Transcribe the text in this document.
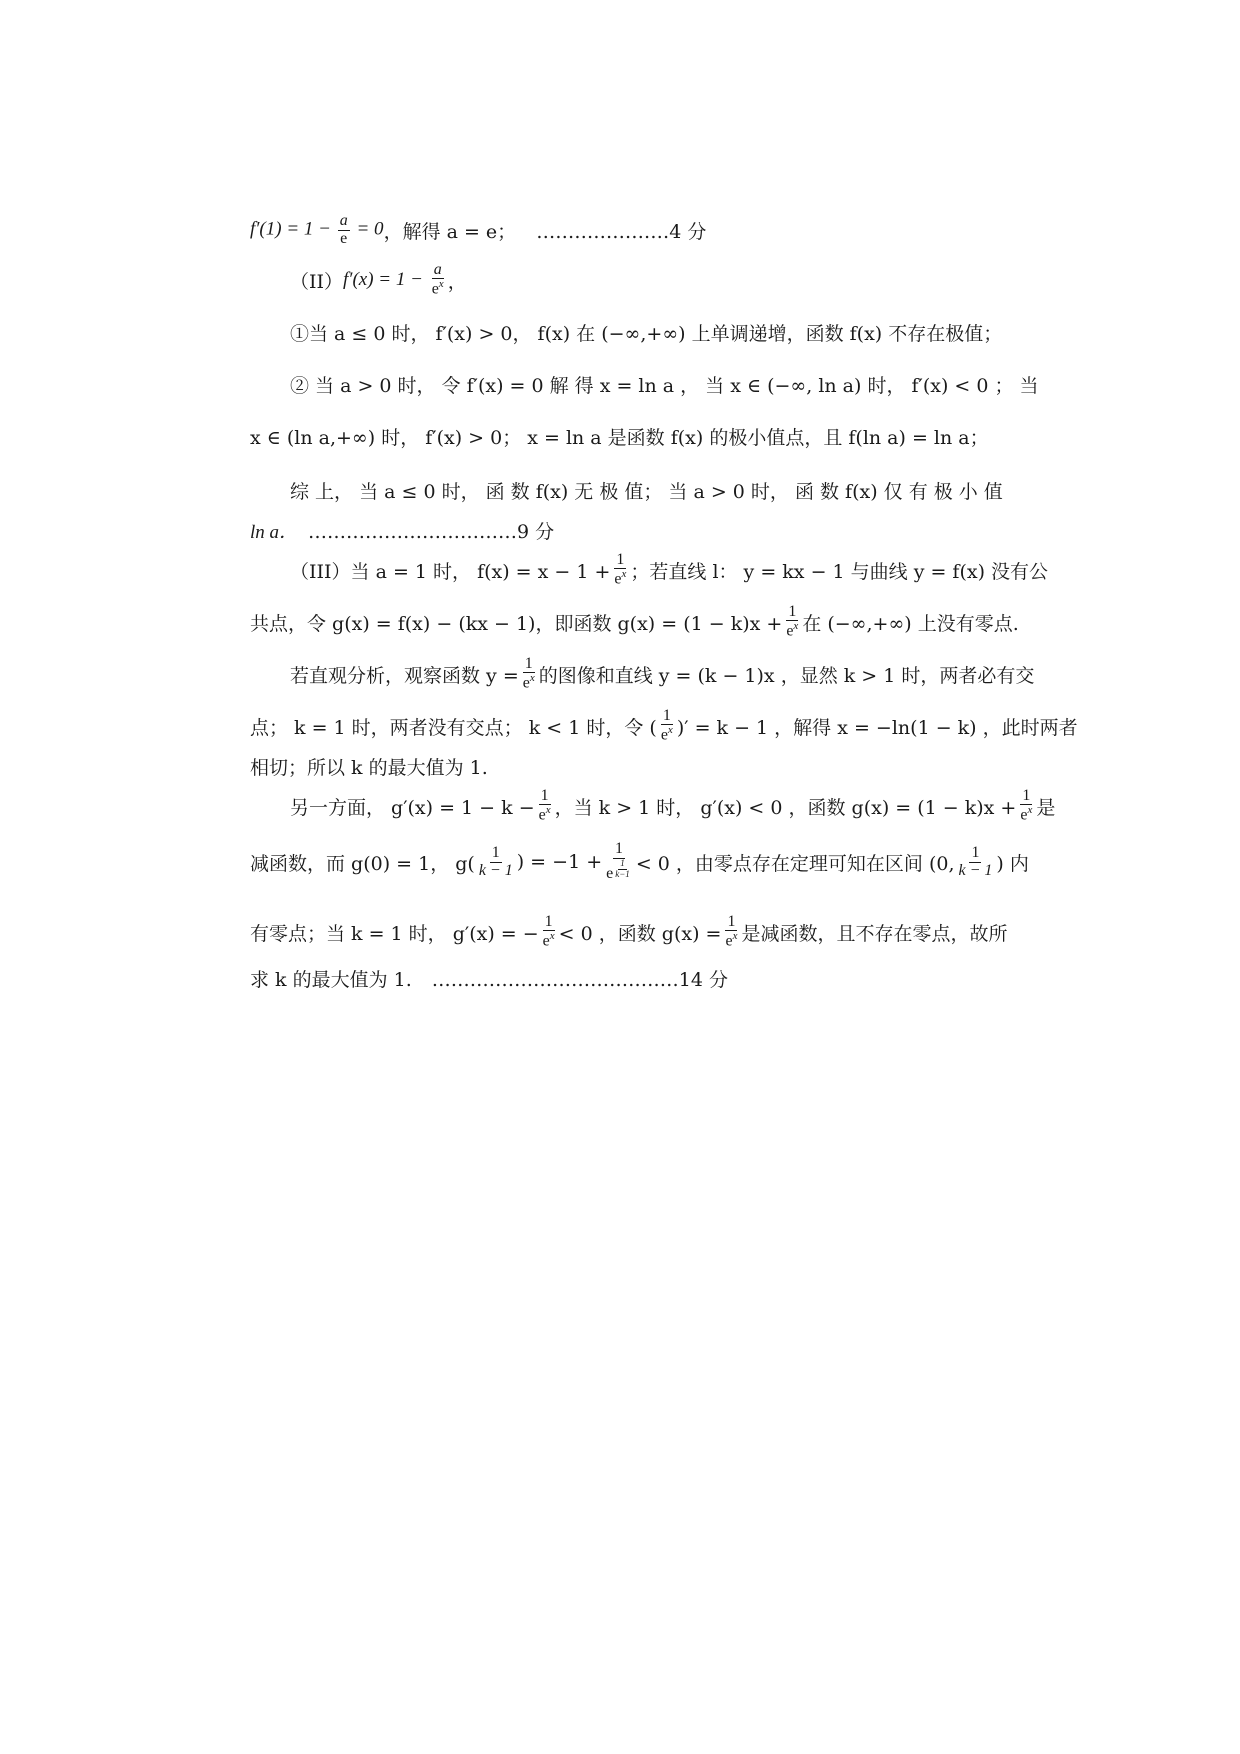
$f'(1) = 1 - \frac{a}{e} = 0$ ，解得 a = e； …………………4 分
（II） $f'(x) = 1 - \frac{a}{e^x}$ ，
①当 a ≤ 0 时， f′(x) > 0， f(x) 在 (−∞,+∞) 上单调递增，函数 f(x) 不存在极值；
② 当 a > 0 时， 令 f′(x) = 0 解 得 x = ln a ， 当 x ∈ (−∞, ln a) 时， f′(x) < 0 ； 当
x ∈ (ln a,+∞) 时， f′(x) > 0； x = ln a 是函数 f(x) 的极小值点，且 f(ln a) = ln a；
综 上， 当 a ≤ 0 时， 函 数 f(x) 无 极 值； 当 a > 0 时， 函 数 f(x) 仅 有 极 小 值
ln a． ……………………………9 分
（III） 当 a = 1 时， $f(x) = x - 1 + \frac{1}{e^x}$ ；若直线 l： y = kx − 1 与曲线 y = f(x) 没有公
共点，令 g(x) = f(x) − (kx − 1)，即函数 $g(x) = (1 - k)x + \frac{1}{e^x}$ 在 (−∞,+∞) 上没有零点.
若直观分析，观察函数 $y = \frac{1}{e^x}$ 的图像和直线 y = (k − 1)x ，显然 k > 1 时，两者必有交
点； k = 1 时，两者没有交点； k < 1 时，令 ( $\frac{1}{e^x}$ )′ = k − 1 ，解得 x = −ln(1 − k) ，此时两者
相切；所以 k 的最大值为 1.
另一方面， $g'(x) = 1 - k - \frac{1}{e^x}$ ，当 k > 1 时， g′(x) < 0 ，函数 $g(x) = (1 - k)x + \frac{1}{e^x}$ 是
减函数，而 g(0) = 1， $g( \frac{1}{k - 1}$ ) = −1 + 1
e $^{\frac{1}{k-1}}$ < 0 ，由零点存在定理可知在区间 (0, $\frac{1}{k - 1}$ ) 内
有零点；当 k = 1 时， g′(x) = − $\frac{1}{e^x} < 0$ ，函数 $g(x) = \frac{1}{e^x}$ 是减函数，且不存在零点，故所
求 k 的最大值为 1. …………………………………14 分
